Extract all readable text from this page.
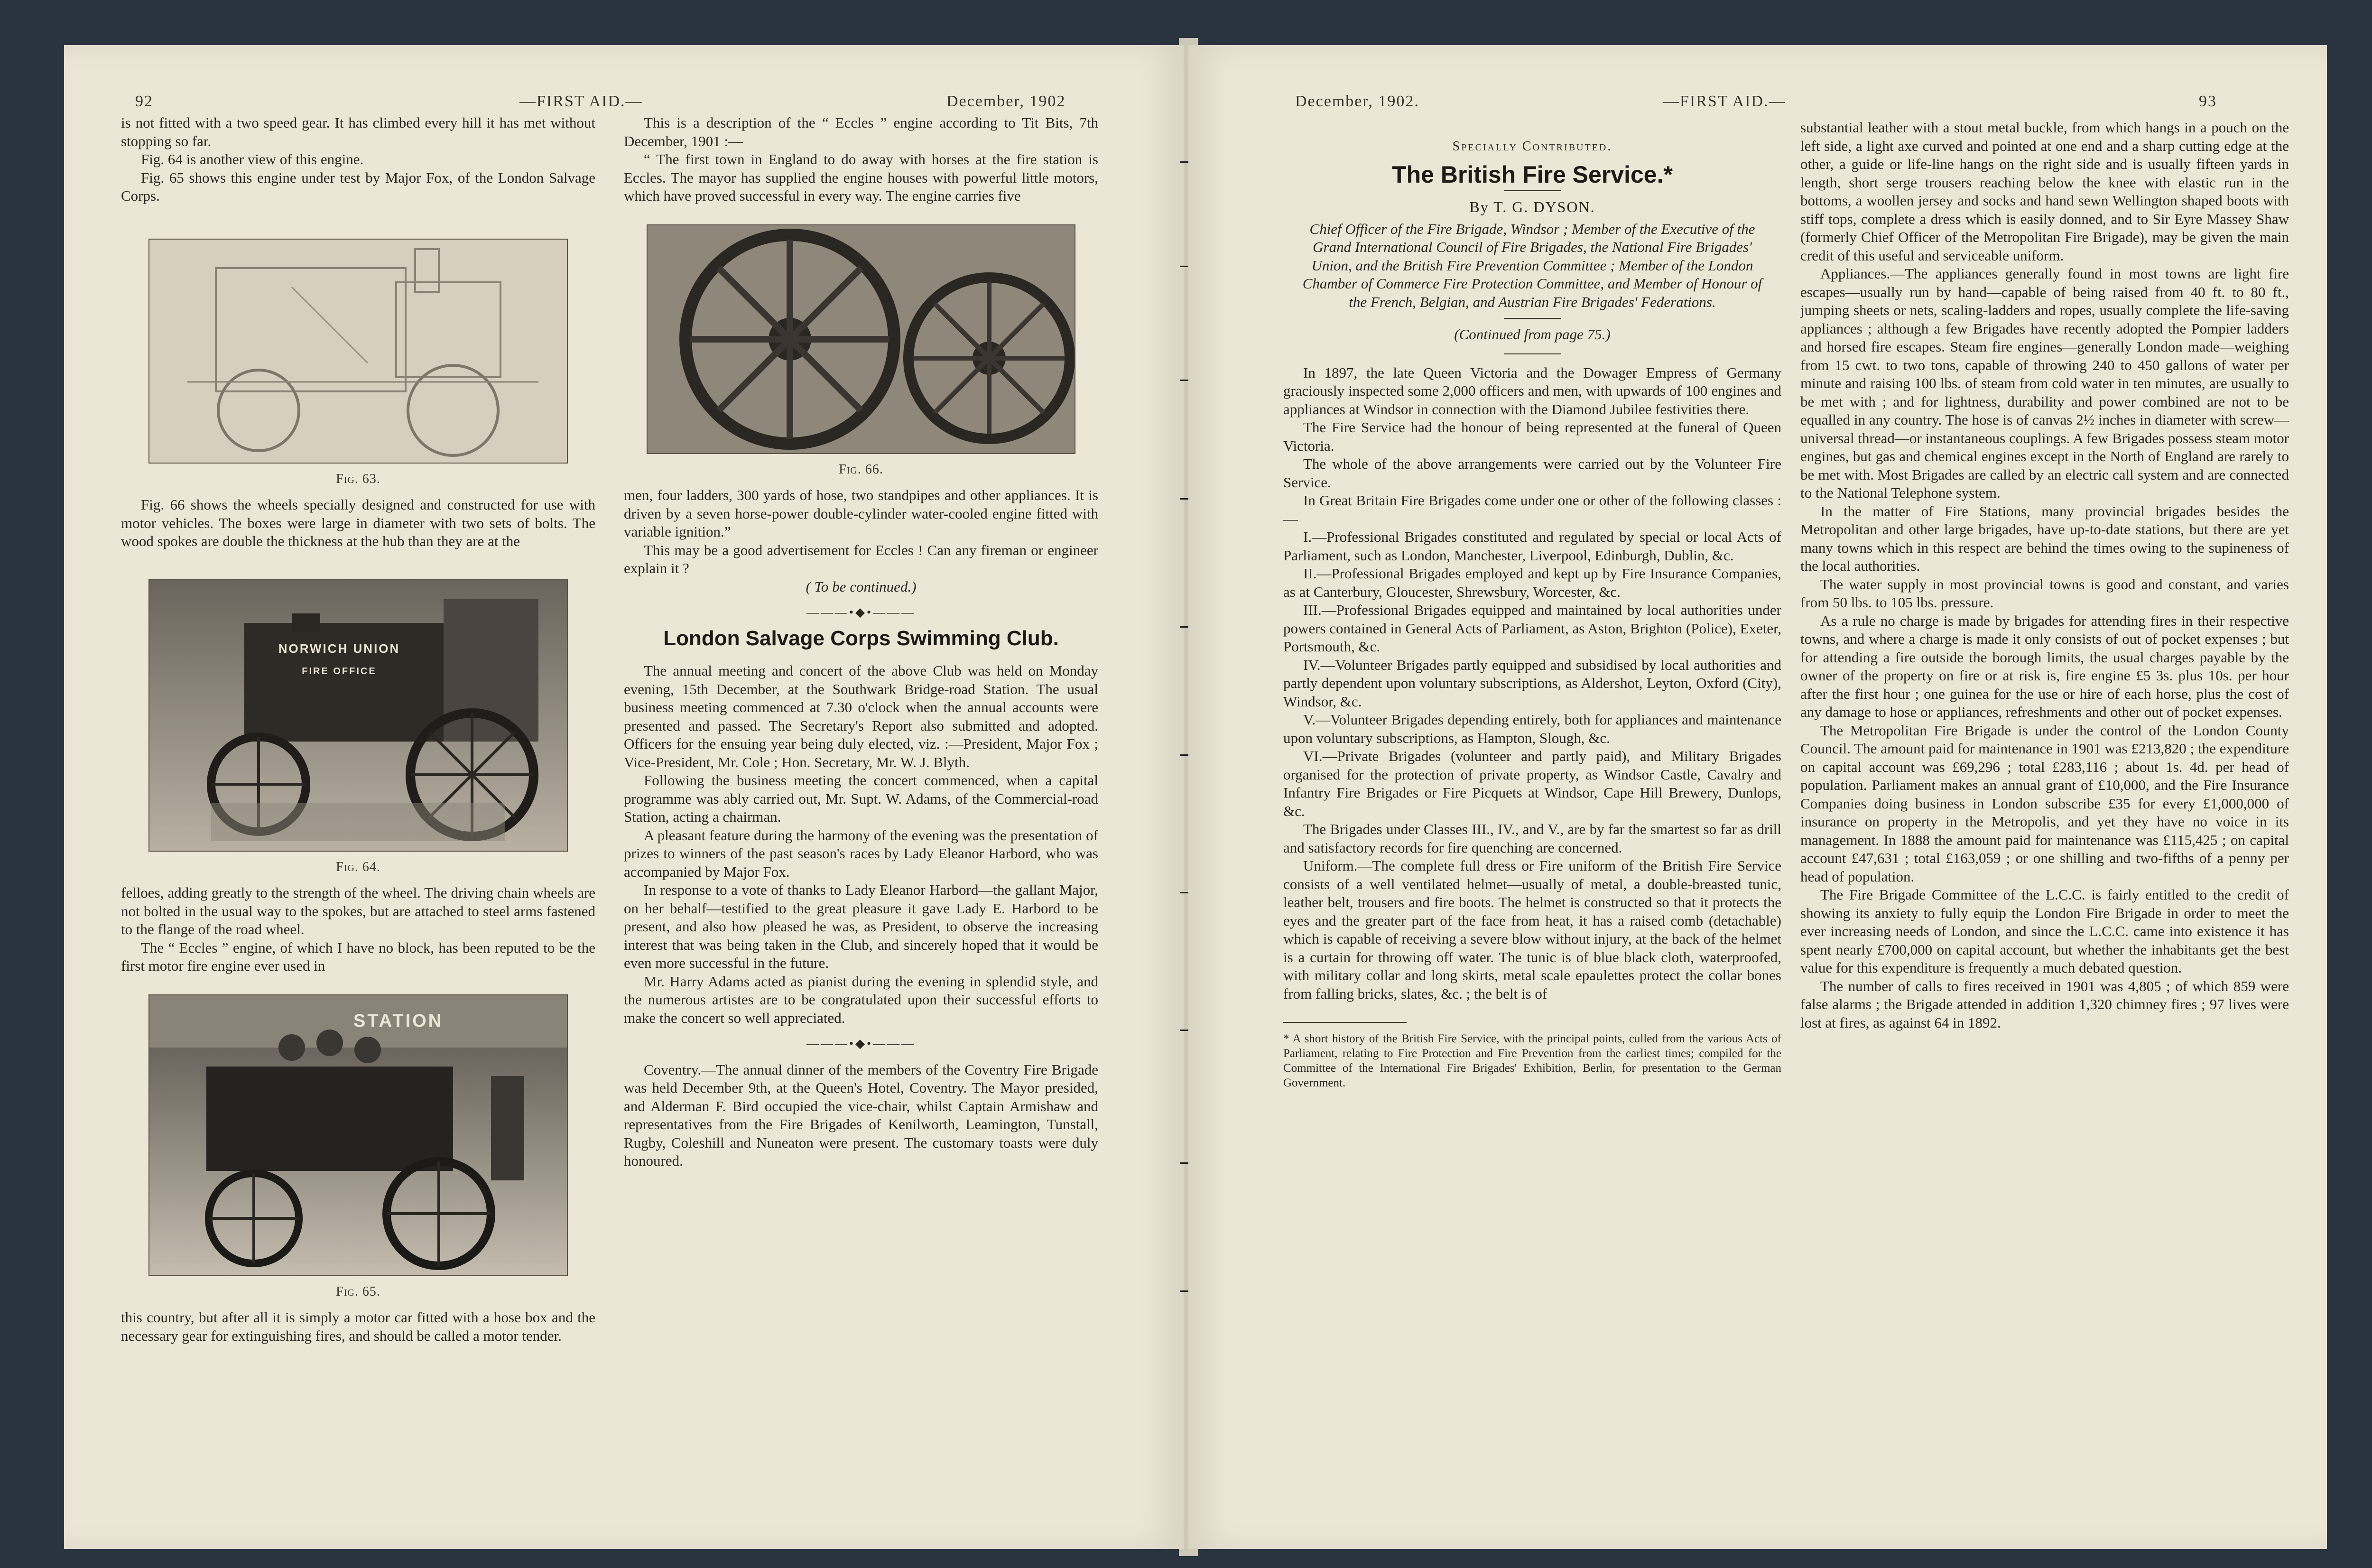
92	—FIRST AID.—	December, 1902

is not fitted with a two speed gear. It has climbed every hill it has met without stopping so far.

Fig. 64 is another view of this engine.

Fig. 65 shows this engine under test by Major Fox, of the London Salvage Corps.

Fig. 63.

Fig. 66 shows the wheels specially designed and constructed for use with motor vehicles. The boxes were large in diameter with two sets of bolts. The wood spokes are double the thickness at the hub than they are at the

NORWICH UNION
FIRE OFFICE
Fig. 64.

felloes, adding greatly to the strength of the wheel. The driving chain wheels are not bolted in the usual way to the spokes, but are attached to steel arms fastened to the flange of the road wheel.

The “ Eccles ” engine, of which I have no block, has been reputed to be the first motor fire engine ever used in

STATION
Fig. 65.

this country, but after all it is simply a motor car fitted with a hose box and the necessary gear for extinguishing fires, and should be called a motor tender.

This is a description of the “ Eccles ” engine according to Tit Bits, 7th December, 1901 :—

“ The first town in England to do away with horses at the fire station is Eccles. The mayor has supplied the engine houses with powerful little motors, which have proved successful in every way. The engine carries five

Fig. 66.

men, four ladders, 300 yards of hose, two standpipes and other appliances. It is driven by a seven horse-power double-cylinder water-cooled engine fitted with variable ignition.”

This may be a good advertisement for Eccles ! Can any fireman or engineer explain it ?

( To be continued.)
———•◆•———
London Salvage Corps Swimming Club.

The annual meeting and concert of the above Club was held on Monday evening, 15th December, at the Southwark Bridge-road Station. The usual business meeting commenced at 7.30 o'clock when the annual accounts were presented and passed. The Secretary's Report also submitted and adopted. Officers for the ensuing year being duly elected, viz. :—President, Major Fox ; Vice-President, Mr. Cole ; Hon. Secretary, Mr. W. J. Blyth.

Following the business meeting the concert commenced, when a capital programme was ably carried out, Mr. Supt. W. Adams, of the Commercial-road Station, acting a chairman.

A pleasant feature during the harmony of the evening was the presentation of prizes to winners of the past season's races by Lady Eleanor Harbord, who was accompanied by Major Fox.

In response to a vote of thanks to Lady Eleanor Harbord—the gallant Major, on her behalf—testified to the great pleasure it gave Lady E. Harbord to be present, and also how pleased he was, as President, to observe the increasing interest that was being taken in the Club, and sincerely hoped that it would be even more successful in the future.

Mr. Harry Adams acted as pianist during the evening in splendid style, and the numerous artistes are to be congratulated upon their successful efforts to make the concert so well appreciated.

———•◆•———

Coventry.—The annual dinner of the members of the Coventry Fire Brigade was held December 9th, at the Queen's Hotel, Coventry. The Mayor presided, and Alderman F. Bird occupied the vice-chair, whilst Captain Armishaw and representatives from the Fire Brigades of Kenilworth, Leamington, Tunstall, Rugby, Coleshill and Nuneaton were present. The customary toasts were duly honoured.

December, 1902.	—FIRST AID.—	93
Specially Contributed.
The British Fire Service.*
By T. G. DYSON.
Chief Officer of the Fire Brigade, Windsor ; Member of the Executive of the Grand International Council of Fire Brigades, the National Fire Brigades' Union, and the British Fire Prevention Committee ; Member of the London Chamber of Commerce Fire Protection Committee, and Member of Honour of the French, Belgian, and Austrian Fire Brigades' Federations.
(Continued from page 75.)

In 1897, the late Queen Victoria and the Dowager Empress of Germany graciously inspected some 2,000 officers and men, with upwards of 100 engines and appliances at Windsor in connection with the Diamond Jubilee festivities there.

The Fire Service had the honour of being represented at the funeral of Queen Victoria.

The whole of the above arrangements were carried out by the Volunteer Fire Service.

In Great Britain Fire Brigades come under one or other of the following classes :—

I.—Professional Brigades constituted and regulated by special or local Acts of Parliament, such as London, Manchester, Liverpool, Edinburgh, Dublin, &c.

II.—Professional Brigades employed and kept up by Fire Insurance Companies, as at Canterbury, Gloucester, Shrewsbury, Worcester, &c.

III.—Professional Brigades equipped and maintained by local authorities under powers contained in General Acts of Parliament, as Aston, Brighton (Police), Exeter, Portsmouth, &c.

IV.—Volunteer Brigades partly equipped and subsidised by local authorities and partly dependent upon voluntary subscriptions, as Aldershot, Leyton, Oxford (City), Windsor, &c.

V.—Volunteer Brigades depending entirely, both for appliances and maintenance upon voluntary subscriptions, as Hampton, Slough, &c.

VI.—Private Brigades (volunteer and partly paid), and Military Brigades organised for the protection of private property, as Windsor Castle, Cavalry and Infantry Fire Brigades or Fire Picquets at Windsor, Cape Hill Brewery, Dunlops, &c.

The Brigades under Classes III., IV., and V., are by far the smartest so far as drill and satisfactory records for fire quenching are concerned.

Uniform.—The complete full dress or Fire uniform of the British Fire Service consists of a well ventilated helmet—usually of metal, a double-breasted tunic, leather belt, trousers and fire boots. The helmet is constructed so that it protects the eyes and the greater part of the face from heat, it has a raised comb (detachable) which is capable of receiving a severe blow without injury, at the back of the helmet is a curtain for throwing off water. The tunic is of blue black cloth, waterproofed, with military collar and long skirts, metal scale epaulettes protect the collar bones from falling bricks, slates, &c. ; the belt is of

* A short history of the British Fire Service, with the principal points, culled from the various Acts of Parliament, relating to Fire Protection and Fire Prevention from the earliest times; compiled for the Committee of the International Fire Brigades' Exhibition, Berlin, for presentation to the German Government.

substantial leather with a stout metal buckle, from which hangs in a pouch on the left side, a light axe curved and pointed at one end and a sharp cutting edge at the other, a guide or life-line hangs on the right side and is usually fifteen yards in length, short serge trousers reaching below the knee with elastic run in the bottoms, a woollen jersey and socks and hand sewn Wellington shaped boots with stiff tops, complete a dress which is easily donned, and to Sir Eyre Massey Shaw (formerly Chief Officer of the Metropolitan Fire Brigade), may be given the main credit of this useful and serviceable uniform.

Appliances.—The appliances generally found in most towns are light fire escapes—usually run by hand—capable of being raised from 40 ft. to 80 ft., jumping sheets or nets, scaling-ladders and ropes, usually complete the life-saving appliances ; although a few Brigades have recently adopted the Pompier ladders and horsed fire escapes. Steam fire engines—generally London made—weighing from 15 cwt. to two tons, capable of throwing 240 to 450 gallons of water per minute and raising 100 lbs. of steam from cold water in ten minutes, are usually to be met with ; and for lightness, durability and power combined are not to be equalled in any country. The hose is of canvas 2½ inches in diameter with screw—universal thread—or instantaneous couplings. A few Brigades possess steam motor engines, but gas and chemical engines except in the North of England are rarely to be met with. Most Brigades are called by an electric call system and are connected to the National Telephone system.

In the matter of Fire Stations, many provincial brigades besides the Metropolitan and other large brigades, have up-to-date stations, but there are yet many towns which in this respect are behind the times owing to the supineness of the local authorities.

The water supply in most provincial towns is good and constant, and varies from 50 lbs. to 105 lbs. pressure.

As a rule no charge is made by brigades for attending fires in their respective towns, and where a charge is made it only consists of out of pocket expenses ; but for attending a fire outside the borough limits, the usual charges payable by the owner of the property on fire or at risk is, fire engine £5 3s. plus 10s. per hour after the first hour ; one guinea for the use or hire of each horse, plus the cost of any damage to hose or appliances, refreshments and other out of pocket expenses.

The Metropolitan Fire Brigade is under the control of the London County Council. The amount paid for maintenance in 1901 was £213,820 ; the expenditure on capital account was £69,296 ; total £283,116 ; about 1s. 4d. per head of population. Parliament makes an annual grant of £10,000, and the Fire Insurance Companies doing business in London subscribe £35 for every £1,000,000 of insurance on property in the Metropolis, and yet they have no voice in its management. In 1888 the amount paid for maintenance was £115,425 ; on capital account £47,631 ; total £163,059 ; or one shilling and two-fifths of a penny per head of population.

The Fire Brigade Committee of the L.C.C. is fairly entitled to the credit of showing its anxiety to fully equip the London Fire Brigade in order to meet the ever increasing needs of London, and since the L.C.C. came into existence it has spent nearly £700,000 on capital account, but whether the inhabitants get the best value for this expenditure is frequently a much debated question.

The number of calls to fires received in 1901 was 4,805 ; of which 859 were false alarms ; the Brigade attended in addition 1,320 chimney fires ; 97 lives were lost at fires, as against 64 in 1892.
